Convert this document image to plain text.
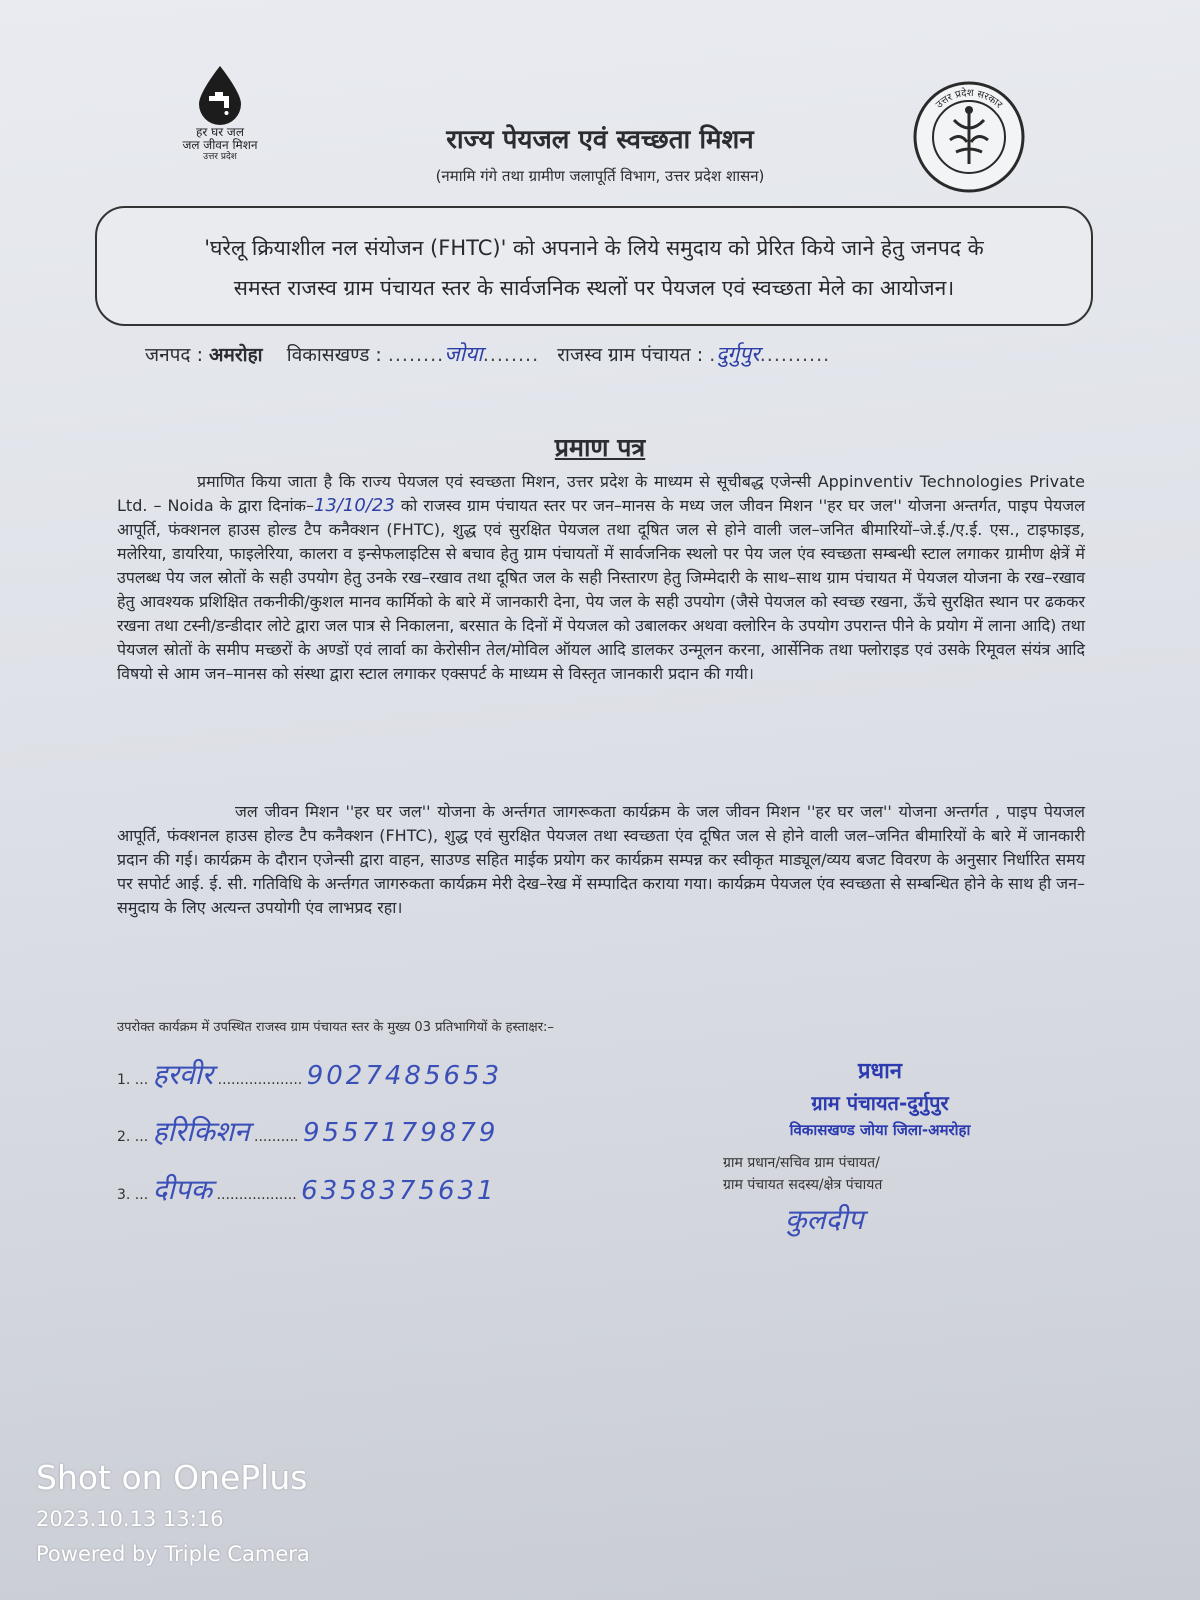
हर घर जल
जल जीवन मिशन
उत्तर प्रदेश
राज्य पेयजल एवं स्वच्छता मिशन
(नमामि गंगे तथा ग्रामीण जलापूर्ति विभाग, उत्तर प्रदेश शासन)
उत्तर प्रदेश सरकार
'घरेलू क्रियाशील नल संयोजन (FHTC)' को अपनाने के लिये समुदाय को प्रेरित किये जाने हेतु जनपद के
समस्त राजस्व ग्राम पंचायत स्तर के सार्वजनिक स्थलों पर पेयजल एवं स्वच्छता मेले का आयोजन।
जनपद : अमरोहा विकासखण्ड : ........जोया........ राजस्व ग्राम पंचायत : .दुर्गुपुर..........
प्रमाण पत्र
प्रमाणित किया जाता है कि राज्य पेयजल एवं स्वच्छता मिशन, उत्तर प्रदेश के माध्यम से सूचीबद्ध एजेन्सी Appinventiv Technologies Private Ltd. – Noida के द्वारा दिनांक–13/10/23 को राजस्व ग्राम पंचायत स्तर पर जन–मानस के मध्य जल जीवन मिशन ''हर घर जल'' योजना अन्तर्गत, पाइप पेयजल आपूर्ति, फंक्शनल हाउस होल्ड टैप कनैक्शन (FHTC), शुद्ध एवं सुरक्षित पेयजल तथा दूषित जल से होने वाली जल–जनित बीमारियों–जे.ई./ए.ई. एस., टाइफाइड, मलेरिया, डायरिया, फाइलेरिया, कालरा व इन्सेफलाइटिस से बचाव हेतु ग्राम पंचायतों में सार्वजनिक स्थलो पर पेय जल एंव स्वच्छता सम्बन्धी स्टाल लगाकर ग्रामीण क्षेत्रें में उपलब्ध पेय जल स्रोतों के सही उपयोग हेतु उनके रख–रखाव तथा दूषित जल के सही निस्तारण हेतु जिम्मेदारी के साथ–साथ ग्राम पंचायत में पेयजल योजना के रख–रखाव हेतु आवश्यक प्रशिक्षित तकनीकी/कुशल मानव कार्मिको के बारे में जानकारी देना, पेय जल के सही उपयोग (जैसे पेयजल को स्वच्छ रखना, ऊँचे सुरक्षित स्थान पर ढककर रखना तथा टस्नी/डन्डीदार लोटे द्वारा जल पात्र से निकालना, बरसात के दिनों में पेयजल को उबालकर अथवा क्लोरिन के उपयोग उपरान्त पीने के प्रयोग में लाना आदि) तथा पेयजल स्रोतों के समीप मच्छरों के अण्डों एवं लार्वा का केरोसीन तेल/मोविल ऑयल आदि डालकर उन्मूलन करना, आर्सेनिक तथा फ्लोराइड एवं उसके रिमूवल संयंत्र आदि विषयो से आम जन–मानस को संस्था द्वारा स्टाल लगाकर एक्सपर्ट के माध्यम से विस्तृत जानकारी प्रदान की गयी।
जल जीवन मिशन ''हर घर जल'' योजना के अर्न्तगत जागरूकता कार्यक्रम के जल जीवन मिशन ''हर घर जल'' योजना अन्तर्गत , पाइप पेयजल आपूर्ति, फंक्शनल हाउस होल्ड टैप कनैक्शन (FHTC), शुद्ध एवं सुरक्षित पेयजल तथा स्वच्छता एंव दूषित जल से होने वाली जल–जनित बीमारियों के बारे में जानकारी प्रदान की गई। कार्यक्रम के दौरान एजेन्सी द्वारा वाहन, साउण्ड सहित माईक प्रयोग कर कार्यक्रम सम्पन्न कर स्वीकृत माड्यूल/व्यय बजट विवरण के अनुसार निर्धारित समय पर सपोर्ट आई. ई. सी. गतिविधि के अर्न्तगत जागरुकता कार्यक्रम मेरी देख–रेख में सम्पादित कराया गया। कार्यक्रम पेयजल एंव स्वच्छता से सम्बन्धित होने के साथ ही जन–समुदाय के लिए अत्यन्त उपयोगी एंव लाभप्रद रहा।
उपरोक्त कार्यक्रम में उपस्थित राजस्व ग्राम पंचायत स्तर के मुख्य 03 प्रतिभागियों के हस्ताक्षर:–
1. ... हरवीर ................... 9027485653
2. ... हरिकिशन .......... 9557179879
3. ... दीपक .................. 6358375631
प्रधान
ग्राम पंचायत-दुर्गुपुर
विकासखण्ड जोया जिला-अमरोहा
ग्राम प्रधान/सचिव ग्राम पंचायत/
ग्राम पंचायत सदस्य/क्षेत्र पंचायत
कुलदीप
Shot on OnePlus
2023.10.13 13:16
Powered by Triple Camera
